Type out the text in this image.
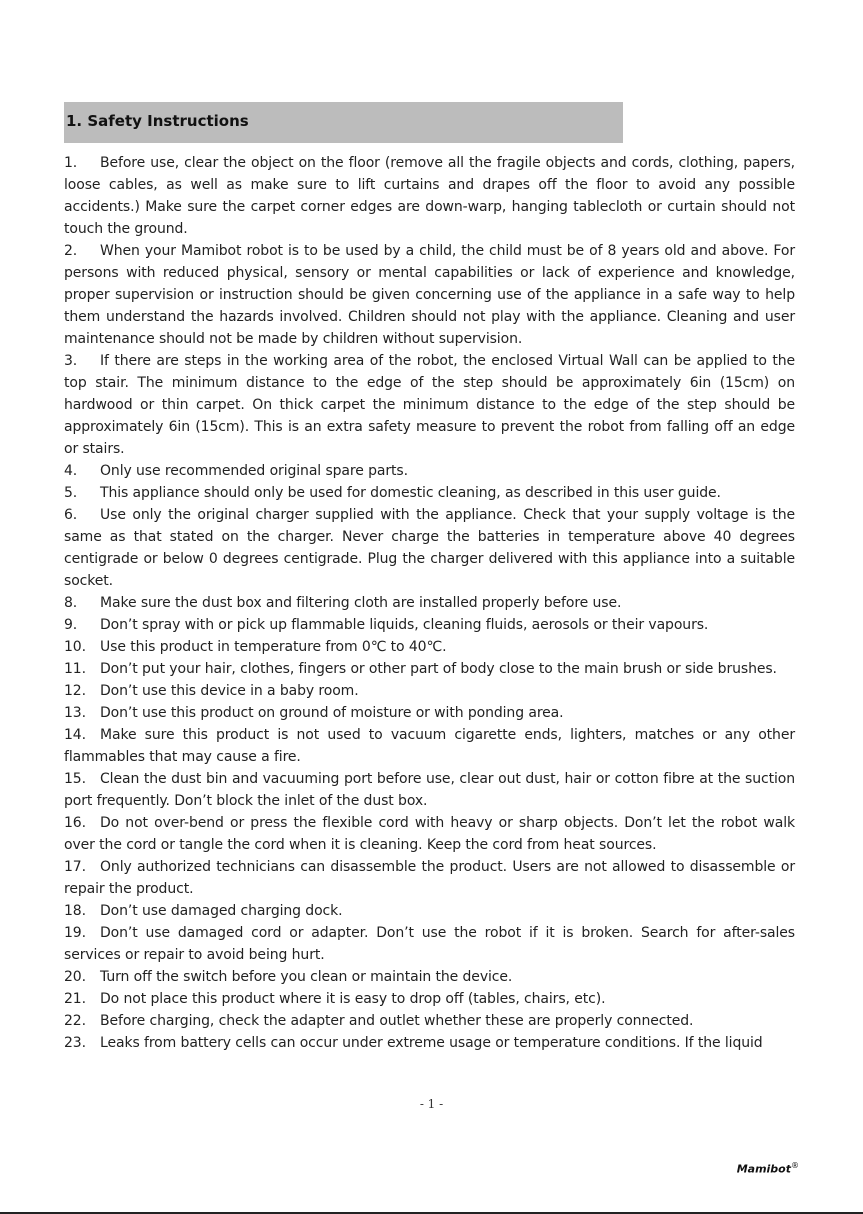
1. Safety Instructions

1. Before use, clear the object on the floor (remove all the fragile objects and cords, clothing, papers, loose cables, as well as make sure to lift curtains and drapes off the floor to avoid any possible accidents.) Make sure the carpet corner edges are down-warp, hanging tablecloth or curtain should not touch the ground.

2. When your Mamibot robot is to be used by a child, the child must be of 8 years old and above. For persons with reduced physical, sensory or mental capabilities or lack of experience and knowledge, proper supervision or instruction should be given concerning use of the appliance in a safe way to help them understand the hazards involved. Children should not play with the appliance. Cleaning and user maintenance should not be made by children without supervision.

3. If there are steps in the working area of the robot, the enclosed Virtual Wall can be applied to the top stair. The minimum distance to the edge of the step should be approximately 6in (15cm) on hardwood or thin carpet. On thick carpet the minimum distance to the edge of the step should be approximately 6in (15cm). This is an extra safety measure to prevent the robot from falling off an edge or stairs.

4. Only use recommended original spare parts.

5. This appliance should only be used for domestic cleaning, as described in this user guide.

6. Use only the original charger supplied with the appliance. Check that your supply voltage is the same as that stated on the charger. Never charge the batteries in temperature above 40 degrees centigrade or below 0 degrees centigrade. Plug the charger delivered with this appliance into a suitable socket.

8. Make sure the dust box and filtering cloth are installed properly before use.

9. Don’t spray with or pick up flammable liquids, cleaning fluids, aerosols or their vapours.

10. Use this product in temperature from 0℃ to 40℃.

11. Don’t put your hair, clothes, fingers or other part of body close to the main brush or side brushes.

12. Don’t use this device in a baby room.

13. Don’t use this product on ground of moisture or with ponding area.

14. Make sure this product is not used to vacuum cigarette ends, lighters, matches or any other flammables that may cause a fire.

15. Clean the dust bin and vacuuming port before use, clear out dust, hair or cotton fibre at the suction port frequently. Don’t block the inlet of the dust box.

16. Do not over-bend or press the flexible cord with heavy or sharp objects. Don’t let the robot walk over the cord or tangle the cord when it is cleaning. Keep the cord from heat sources.

17. Only authorized technicians can disassemble the product. Users are not allowed to disassemble or repair the product.

18. Don’t use damaged charging dock.

19. Don’t use damaged cord or adapter. Don’t use the robot if it is broken. Search for after-sales services or repair to avoid being hurt.

20. Turn off the switch before you clean or maintain the device.

21. Do not place this product where it is easy to drop off (tables, chairs, etc).

22. Before charging, check the adapter and outlet whether these are properly connected.

23. Leaks from battery cells can occur under extreme usage or temperature conditions. If the liquid

- 1 -
Mamibot®
